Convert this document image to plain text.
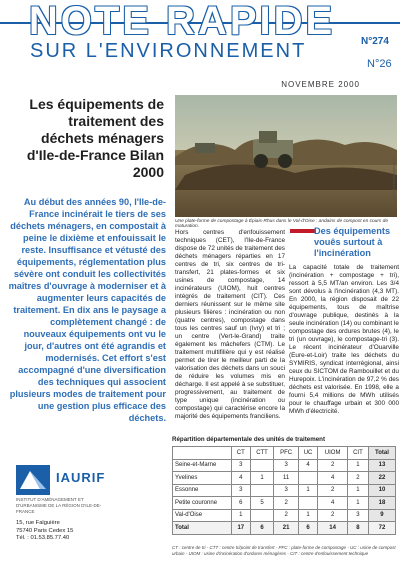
NOTE RAPIDE
SUR L'ENVIRONNEMENT	N°274
N°26
NOVEMBRE 2000
Les équipements de traitement des déchets ménagers d'Ile-de-France Bilan 2000
Au début des années 90, l'Ile-de-France incinérait le tiers de ses déchets ménagers, en compostait à peine le dixième et enfouissait le reste. Insuffisance et vétusté des équipements, réglementation plus sévère ont conduit les collectivités maîtres d'ouvrage à moderniser et à augmenter leurs capacités de traitement. En dix ans le paysage a complètement changé : de nouveaux équipements ont vu le jour, d'autres ont été agrandis et modernisés. Cet effort s'est accompagné d'une diversification des techniques qui associent plusieurs modes de traitement pour une gestion plus efficace des déchets.
IAURIF
INSTITUT D'AMÉNAGEMENT ET D'URBANISME DE LA RÉGION D'ILE-DE-FRANCE
15, rue Falguière
75740 Paris Cedex 15
Tél. : 01.53.85.77.40
Une plate-forme de compostage à Épiais-Rhus dans le Val-d'Oise : andains de compost en cours de maturation.
Hors centres d'enfouissement techniques (CET), l'Ile-de-France dispose de 72 unités de traitement des déchets ménagers réparties en 17 centres de tri, six centres de tri-transfert, 21 plates-formes et six usines de compostage, 14 incinérateurs (UIOM), huit centres intégrés de traitement (CIT). Ces derniers réunissent sur le même site plusieurs filières : incinération ou non (quatre centres), compostage dans tous les centres sauf un (Ivry) et tri ; un centre (Vert-le-Grand) traite également les mâchefers (CTM). Le traitement multifilière qui y est réalisé permet de tirer le meilleur parti de la valorisation des déchets dans un souci de réduire les volumes mis en décharge. Il est appelé à se substituer, progressivement, au traitement de type unique (incinération ou compostage) qui caractérise encore la majorité des équipements franciliens.
Des équipements vouês surtout à l'incinération
La capacité totale de traitement (incinération + compostage + tri), ressort à 5,5 MT/an environ. Les 3/4 sont dévolus à l'incinération (4,3 MT). En 2000, la région disposait de 22 équipements, tous de maîtrise d'ouvrage publique, destinés à la seule incinération (14) ou combinant le compostage des ordures brutes (4), le tri (un ouvrage), le compostage-tri (3). Le récent incinérateur d'Ouarville (Eure-et-Loir) traite les déchets du SYMIRIS, syndicat interrégional, ainsi ceux du SICTOM de Rambouillet et du Hurepoix. L'incinération de 97,2 % des déchets est valorisée. En 1998, elle a fourni 5,4 millions de MWh utilisés pour le chauffage urbain et 300 000 MWh d'électricité.
Répartition départementale des unités de traitement
	CT	CTT	PFC	UC	UIOM	CIT	Total
Seine-et-Marne	3		3	4	2	1	13
Yvelines	4	1	11		4	2	22
Essonne	3		3	1	2	1	10
Petite couronne	6	5	2		4	1	18
Val-d'Oise	1		2	1	2	3	9
Total	17	6	21	6	14	8	72
CT : centre de tri - CTT : centre tri/point de transfert - PFC : plate-forme de compostage - UC : usine de compost urbain - UIOM : usine d'incinération d'ordures ménagères - CIT : centre d'enfouissement technique
